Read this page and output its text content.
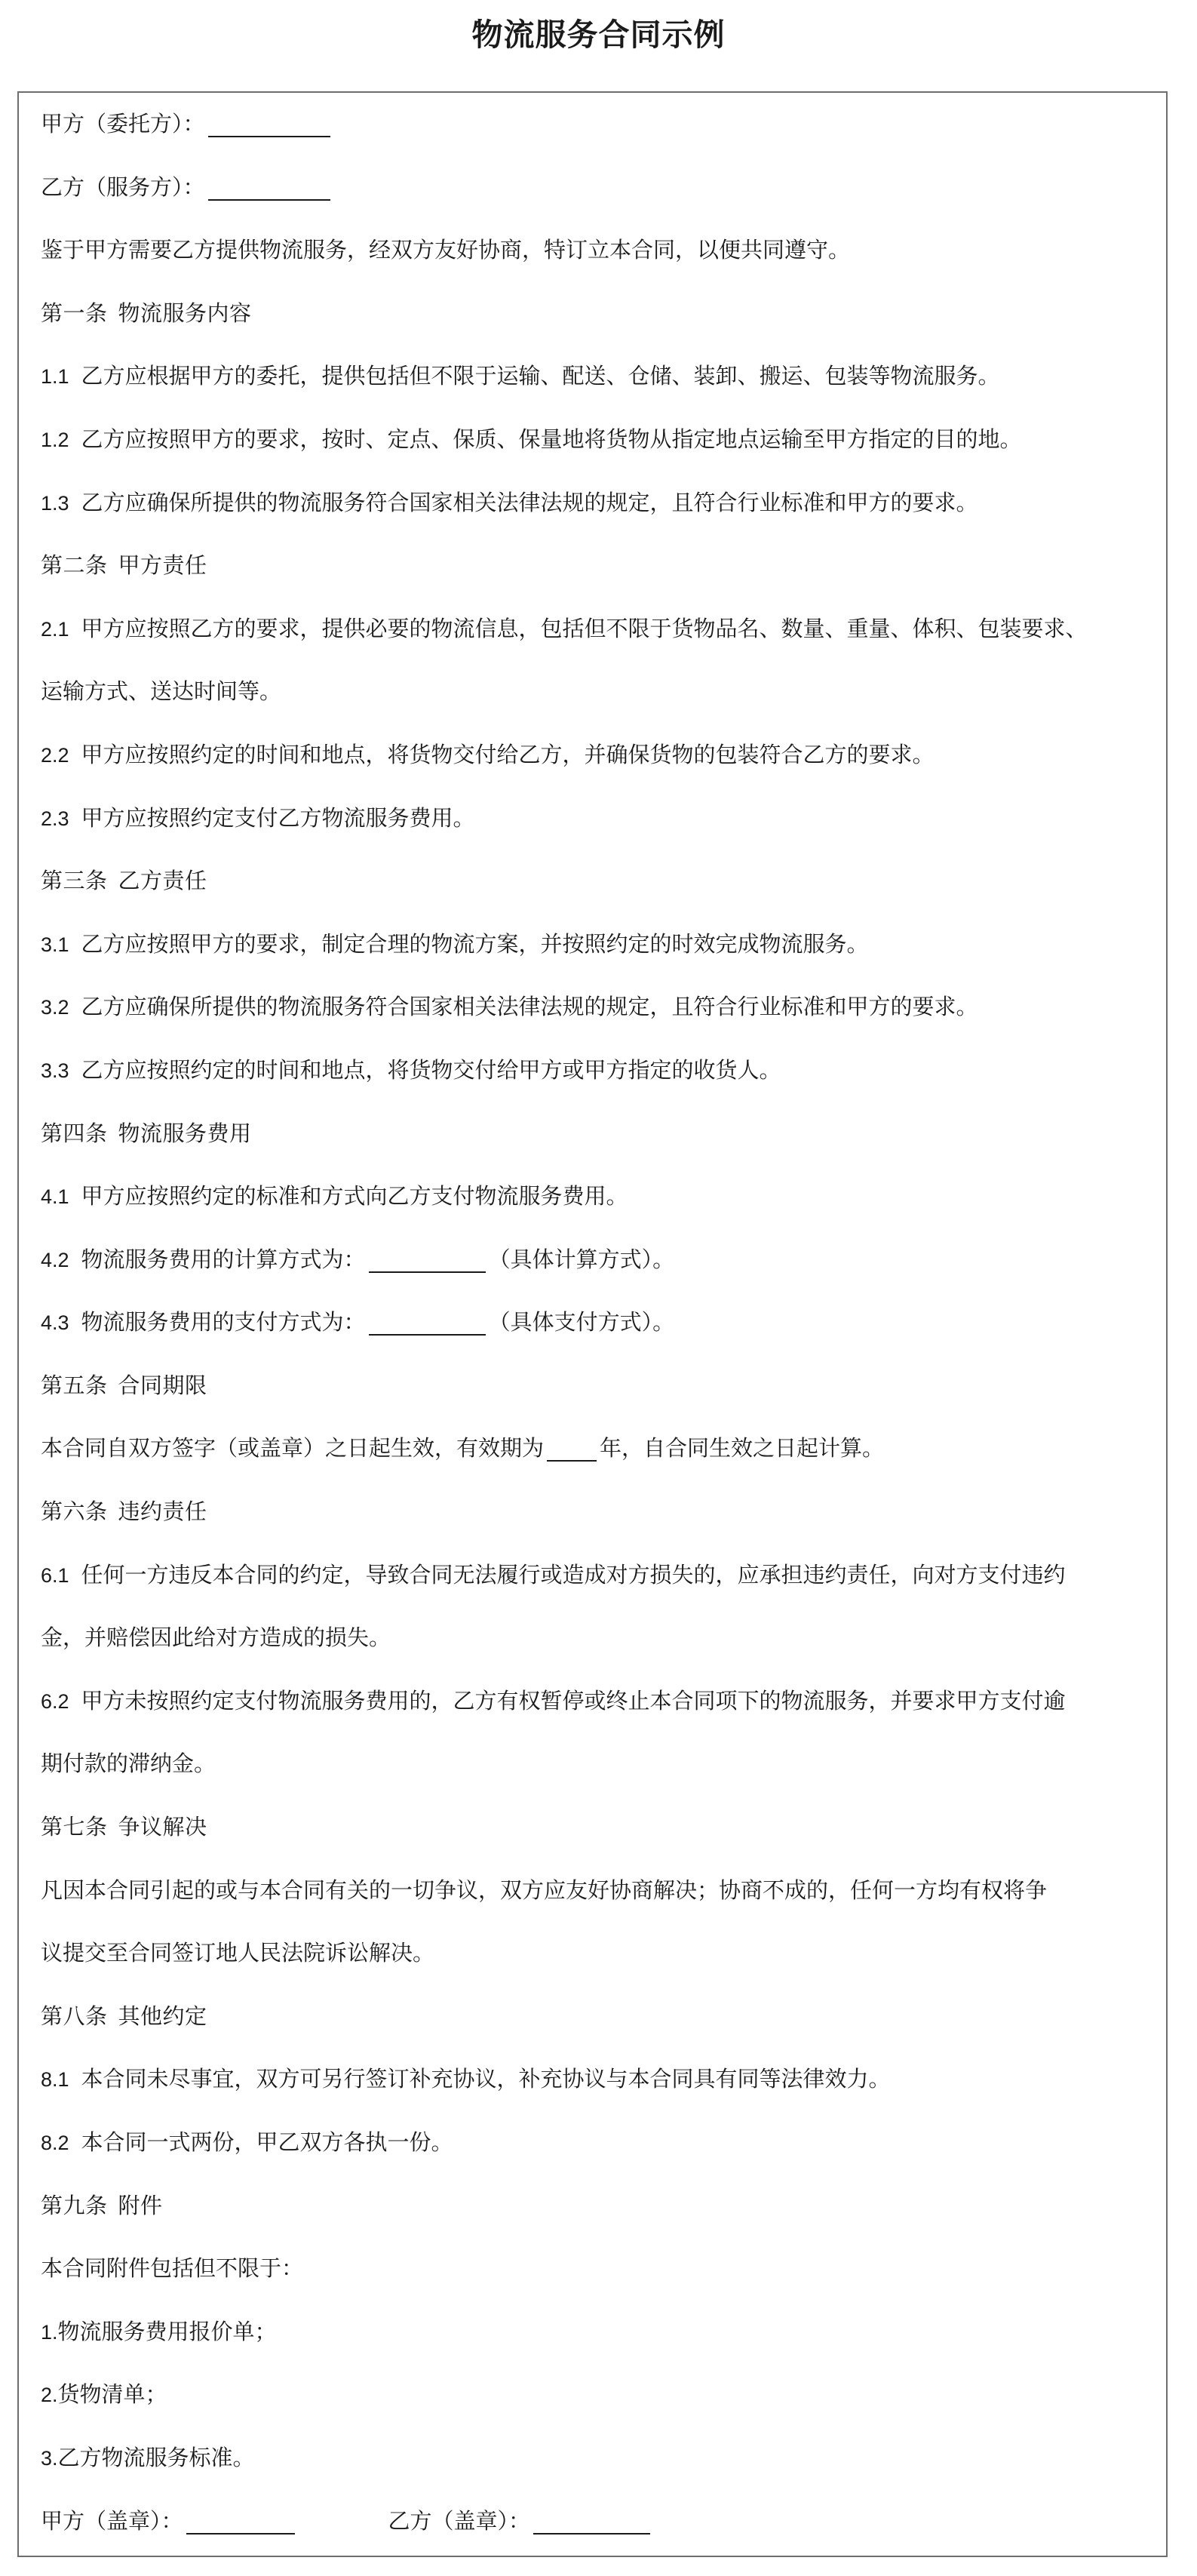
物流服务合同示例
甲方（委托方）：
乙方（服务方）：
鉴于甲方需要乙方提供物流服务，经双方友好协商，特订立本合同，以便共同遵守。
第一条 物流服务内容
1.1 乙方应根据甲方的委托，提供包括但不限于运输、配送、仓储、装卸、搬运、包装等物流服务。
1.2 乙方应按照甲方的要求，按时、定点、保质、保量地将货物从指定地点运输至甲方指定的目的地。
1.3 乙方应确保所提供的物流服务符合国家相关法律法规的规定，且符合行业标准和甲方的要求。
第二条 甲方责任
2.1 甲方应按照乙方的要求，提供必要的物流信息，包括但不限于货物品名、数量、重量、体积、包装要求、
运输方式、送达时间等。
2.2 甲方应按照约定的时间和地点，将货物交付给乙方，并确保货物的包装符合乙方的要求。
2.3 甲方应按照约定支付乙方物流服务费用。
第三条 乙方责任
3.1 乙方应按照甲方的要求，制定合理的物流方案，并按照约定的时效完成物流服务。
3.2 乙方应确保所提供的物流服务符合国家相关法律法规的规定，且符合行业标准和甲方的要求。
3.3 乙方应按照约定的时间和地点，将货物交付给甲方或甲方指定的收货人。
第四条 物流服务费用
4.1 甲方应按照约定的标准和方式向乙方支付物流服务费用。
4.2 物流服务费用的计算方式为：	（具体计算方式）。
4.3 物流服务费用的支付方式为：	（具体支付方式）。
第五条 合同期限
本合同自双方签字（或盖章）之日起生效，有效期为	年，自合同生效之日起计算。
第六条 违约责任
6.1 任何一方违反本合同的约定，导致合同无法履行或造成对方损失的，应承担违约责任，向对方支付违约
金，并赔偿因此给对方造成的损失。
6.2 甲方未按照约定支付物流服务费用的，乙方有权暂停或终止本合同项下的物流服务，并要求甲方支付逾
期付款的滞纳金。
第七条 争议解决
凡因本合同引起的或与本合同有关的一切争议，双方应友好协商解决；协商不成的，任何一方均有权将争
议提交至合同签订地人民法院诉讼解决。
第八条 其他约定
8.1 本合同未尽事宜，双方可另行签订补充协议，补充协议与本合同具有同等法律效力。
8.2 本合同一式两份，甲乙双方各执一份。
第九条 附件
本合同附件包括但不限于：
1.物流服务费用报价单；
2.货物清单；
3.乙方物流服务标准。
甲方（盖章）：	乙方（盖章）：
